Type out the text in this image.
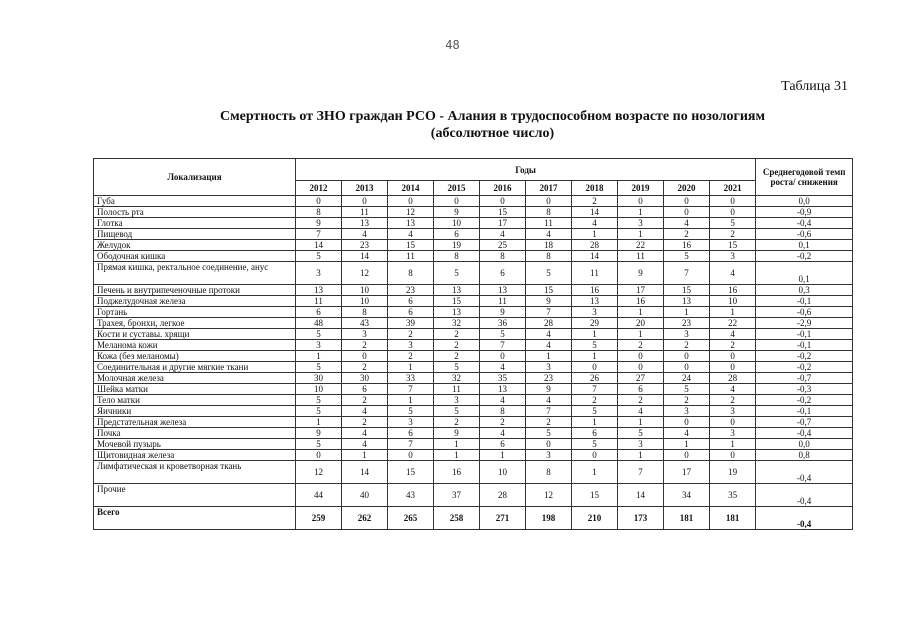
48
Таблица 31
Смертность от ЗНО граждан РСО - Алания в трудоспособном возрасте по нозологиям
(абсолютное число)
Локализация	Годы										Среднегодовой темп роста/ снижения
	2012	2013	2014	2015	2016	2017	2018	2019	2020	2021	
Губа	0	0	0	0	0	0	2	0	0	0	0,0
Полость рта	8	11	12	9	15	8	14	1	0	0	-0,9
Глотка	9	13	13	10	17	11	4	3	4	5	-0,4
Пищевод	7	4	4	6	4	4	1	1	2	2	-0,6
Желудок	14	23	15	19	25	18	28	22	16	15	0,1
Ободочная кишка	5	14	11	8	8	8	14	11	5	3	-0,2
Прямая кишка, ректальное соединение, анус	3	12	8	5	6	5	11	9	7	4	0,1
Печень и внутрипеченочные протоки	13	10	23	13	13	15	16	17	15	16	0,3
Поджелудочная железа	11	10	6	15	11	9	13	16	13	10	-0,1
Гортань	6	8	6	13	9	7	3	1	1	1	-0,6
Трахея, бронхи, легкое	48	43	39	32	36	28	29	20	23	22	-2,9
Кости и суставы. хрящи	5	3	2	2	5	4	1	1	3	4	-0,1
Меланома кожи	3	2	3	2	7	4	5	2	2	2	-0,1
Кожа (без меланомы)	1	0	2	2	0	1	1	0	0	0	-0,2
Соединительная и другие мягкие ткани	5	2	1	5	4	3	0	0	0	0	-0,2
Молочная железа	30	30	33	32	35	23	26	27	24	28	-0,7
Шейка матки	10	6	7	11	13	9	7	6	5	4	-0,3
Тело матки	5	2	1	3	4	4	2	2	2	2	-0,2
Яичники	5	4	5	5	8	7	5	4	3	3	-0,1
Предстательная железа	1	2	3	2	2	2	1	1	0	0	-0,7
Почка	9	4	6	9	4	5	6	5	4	3	-0,4
Мочевой пузырь	5	4	7	1	6	0	5	3	1	1	0,0
Щитовидная железа	0	1	0	1	1	3	0	1	0	0	0,8
Лимфатическая и кроветворная ткань	12	14	15	16	10	8	1	7	17	19	-0,4
Прочие	44	40	43	37	28	12	15	14	34	35	-0,4
Всего	259	262	265	258	271	198	210	173	181	181	-0,4
